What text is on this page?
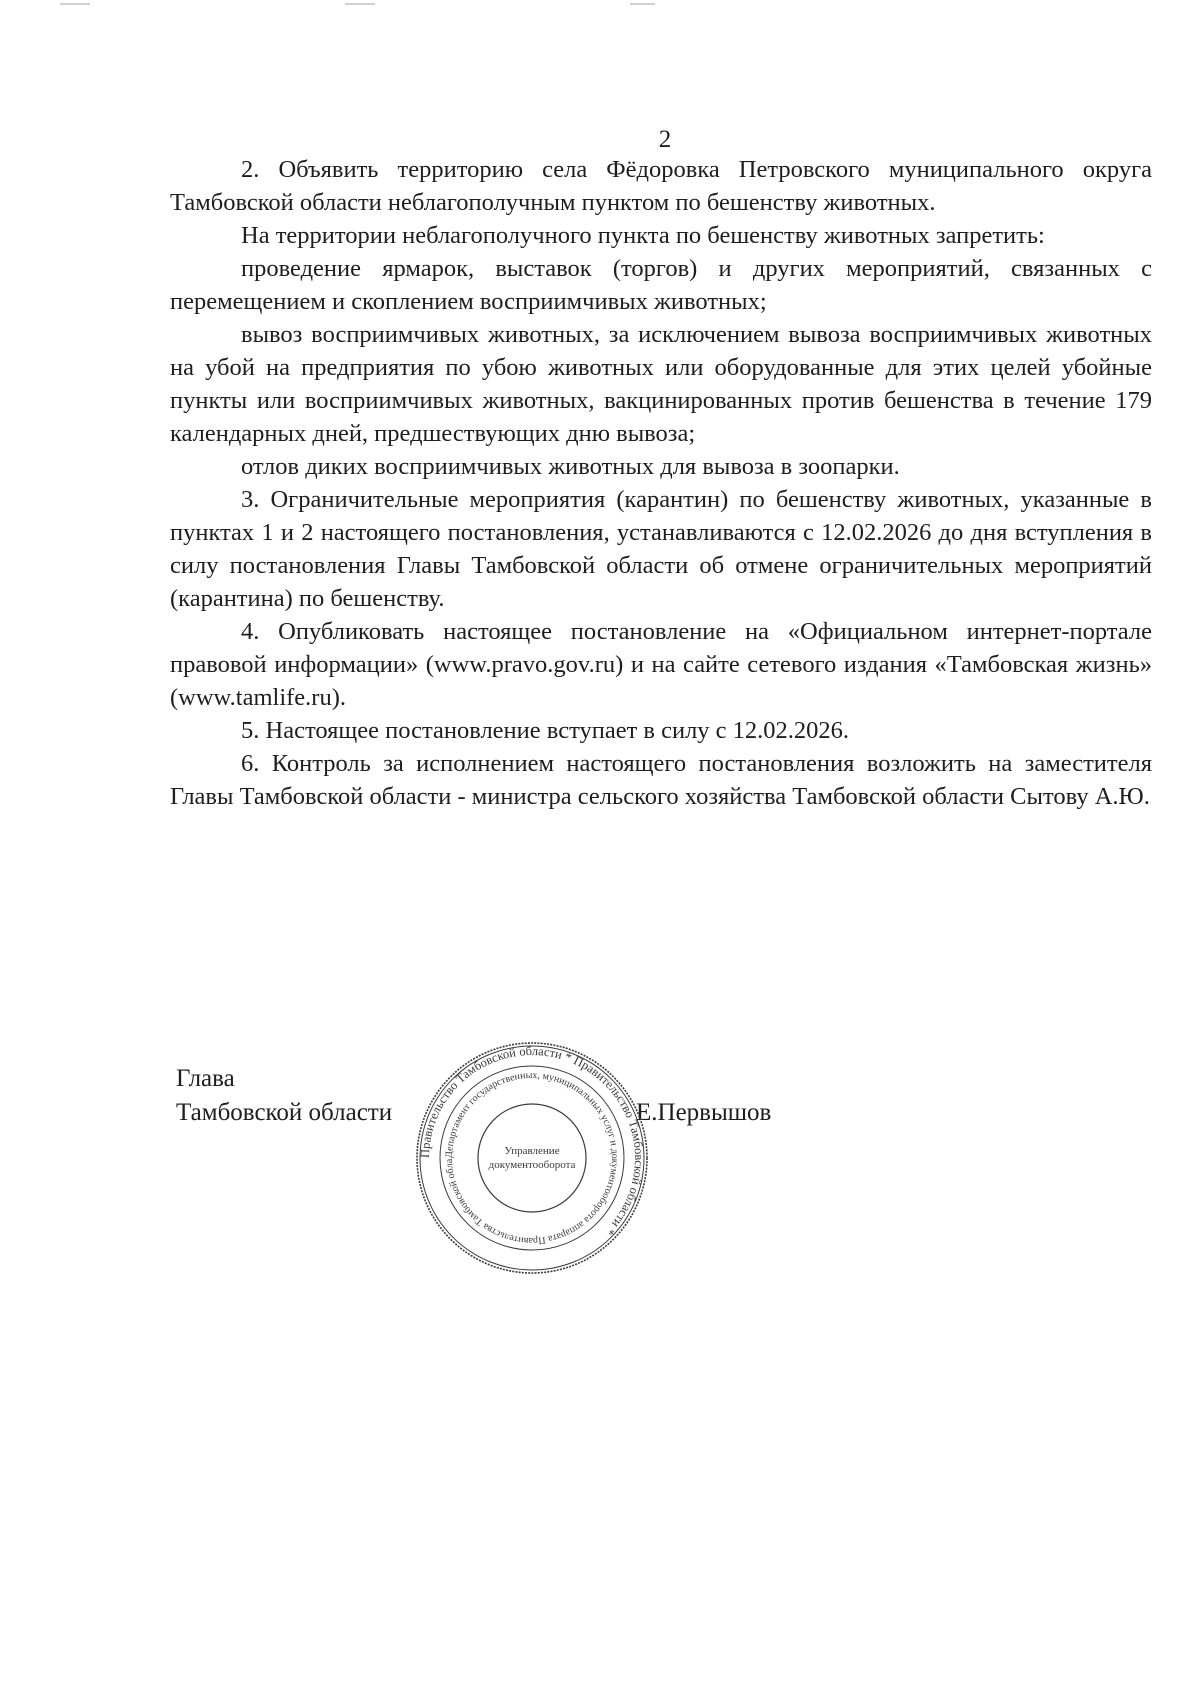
2

2. Объявить территорию села Фёдоровка Петровского муниципального округа Тамбовской области неблагополучным пунктом по бешенству животных.

На территории неблагополучного пункта по бешенству животных запретить:

проведение ярмарок, выставок (торгов) и других мероприятий, связанных с перемещением и скоплением восприимчивых животных;

вывоз восприимчивых животных, за исключением вывоза восприимчивых животных на убой на предприятия по убою животных или оборудованные для этих целей убойные пункты или восприимчивых животных, вакцинированных против бешенства в течение 179 календарных дней, предшествующих дню вывоза;

отлов диких восприимчивых животных для вывоза в зоопарки.

3. Ограничительные мероприятия (карантин) по бешенству животных, указанные в пунктах 1 и 2 настоящего постановления, устанавливаются с 12.02.2026 до дня вступления в силу постановления Главы Тамбовской области об отмене ограничительных мероприятий (карантина) по бешенству.

4. Опубликовать настоящее постановление на «Официальном интернет-портале правовой информации» (www.pravo.gov.ru) и на сайте сетевого издания «Тамбовская жизнь» (www.tamlife.ru).

5. Настоящее постановление вступает в силу с 12.02.2026.

6. Контроль за исполнением настоящего постановления возложить на заместителя Главы Тамбовской области - министра сельского хозяйства Тамбовской области Сытову А.Ю.

Глава
Тамбовской области	Е.Первышов
Правительство Тамбовской области * Правительство Тамбовской области *
Департамент государственных, муниципальных услуг и документооборота аппарата Правительства Тамбовской обла
Управление
документооборота
